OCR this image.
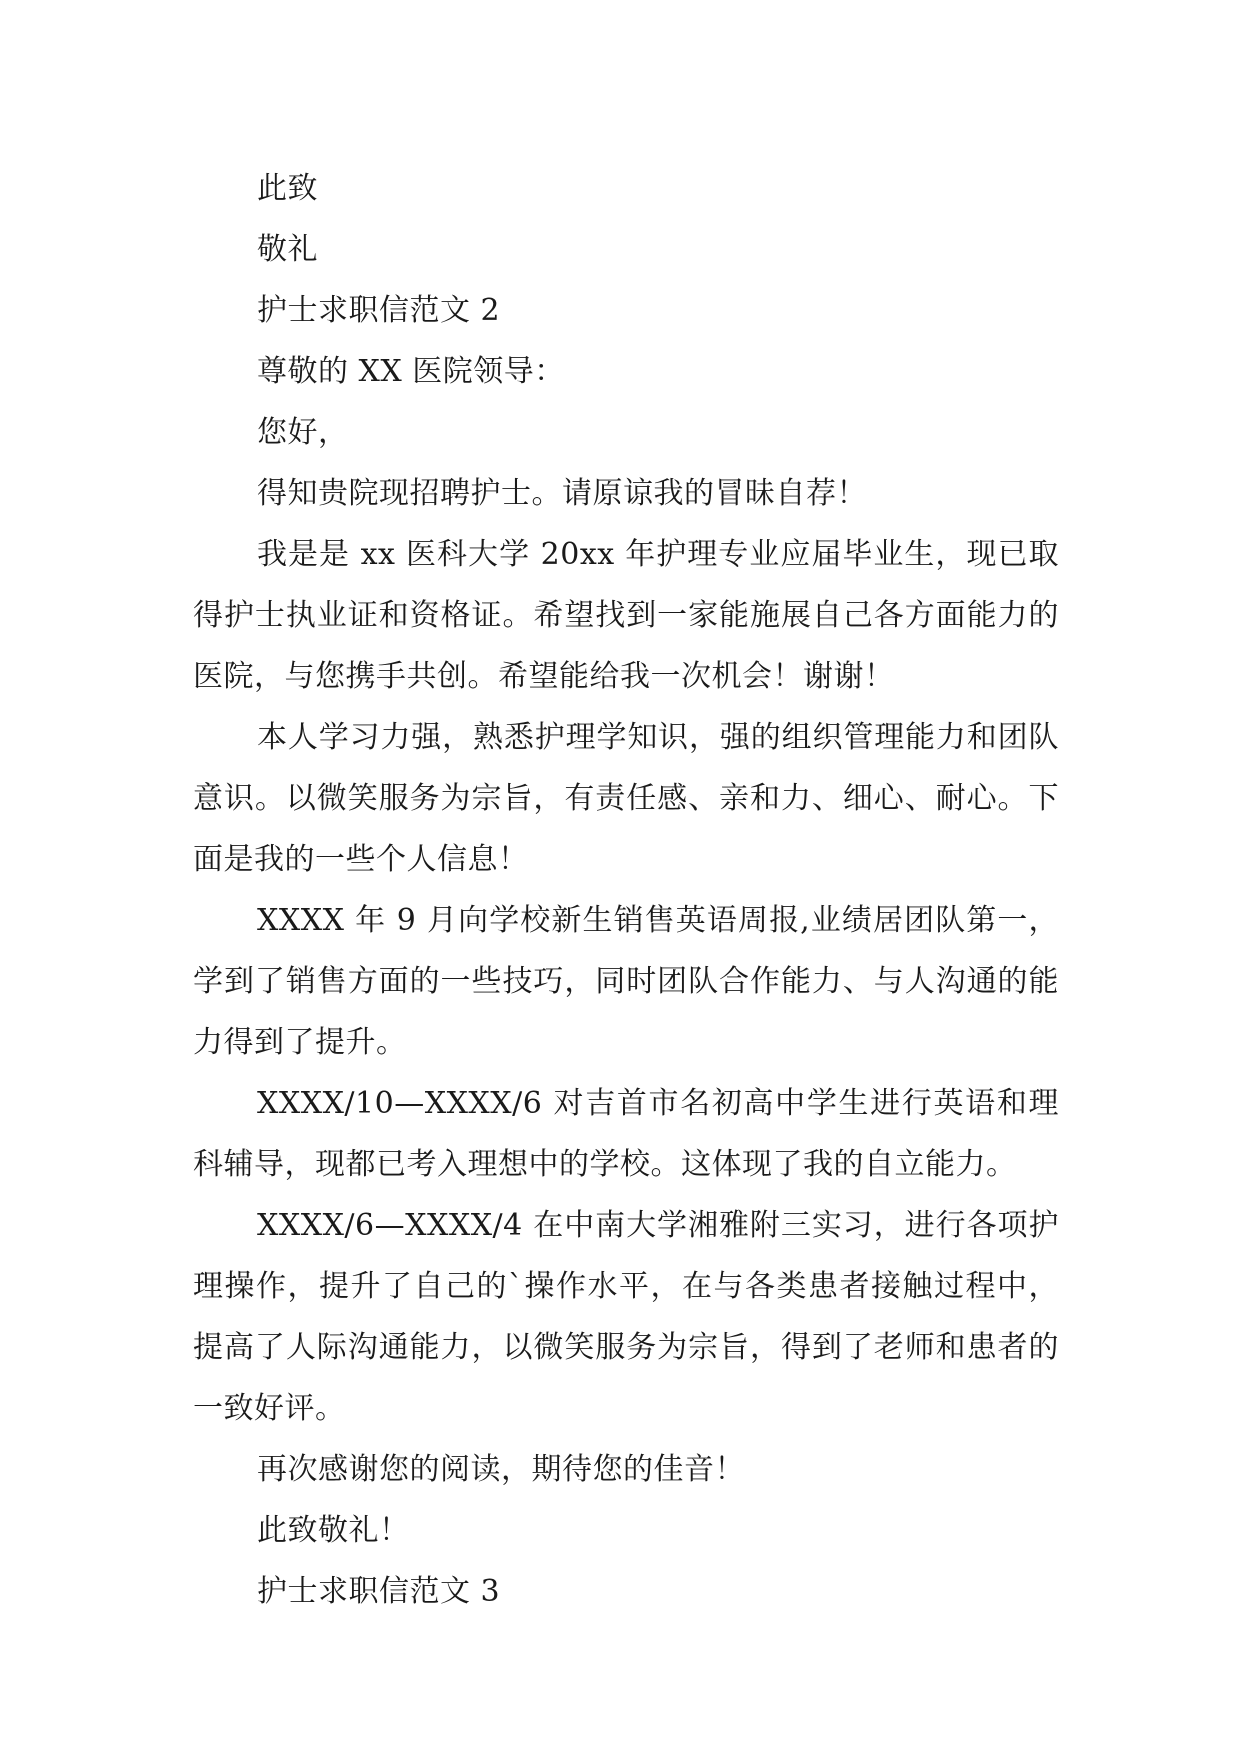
此致

敬礼

护士求职信范文 2

尊敬的 XX 医院领导：

您好，

得知贵院现招聘护士。请原谅我的冒昧自荐！

我是是 xx 医科大学 20xx 年护理专业应届毕业生，现已取得护士执业证和资格证。希望找到一家能施展自己各方面能力的医院，与您携手共创。希望能给我一次机会！谢谢！

本人学习力强，熟悉护理学知识，强的组织管理能力和团队意识。以微笑服务为宗旨，有责任感、亲和力、细心、耐心。下面是我的一些个人信息！

XXXX 年 9 月向学校新生销售英语周报,业绩居团队第一，学到了销售方面的一些技巧，同时团队合作能力、与人沟通的能力得到了提升。

XXXX/10—XXXX/6 对吉首市名初高中学生进行英语和理科辅导，现都已考入理想中的学校。这体现了我的自立能力。

XXXX/6—XXXX/4 在中南大学湘雅附三实习，进行各项护理操作，提升了自己的`操作水平，在与各类患者接触过程中，提高了人际沟通能力，以微笑服务为宗旨，得到了老师和患者的一致好评。

再次感谢您的阅读，期待您的佳音！

此致敬礼！

护士求职信范文 3
